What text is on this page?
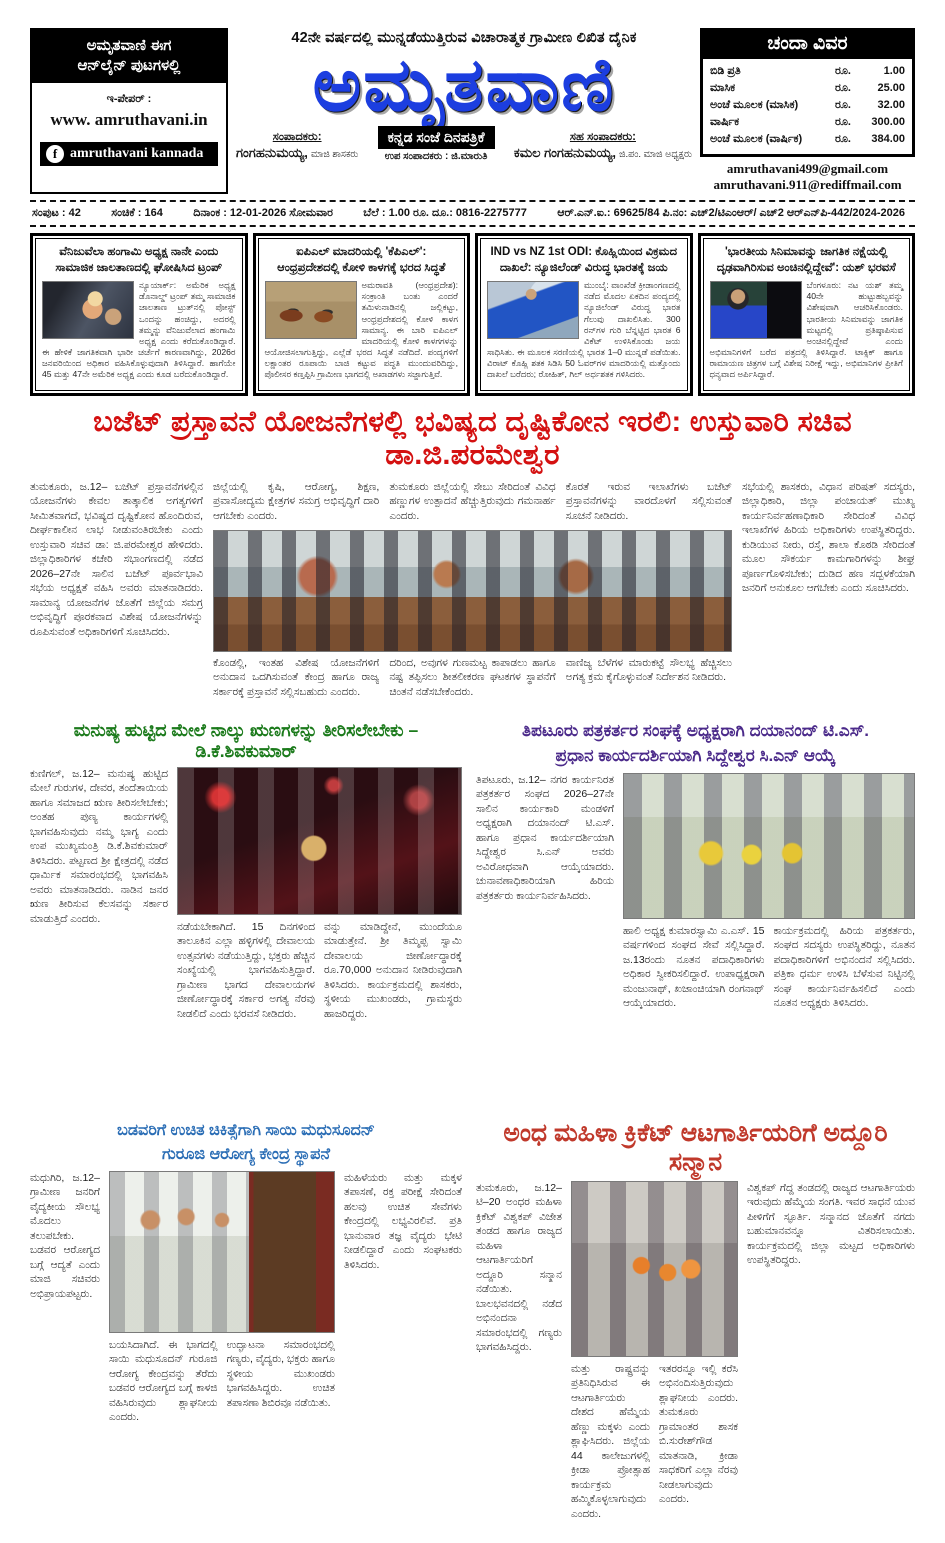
ಅಮೃತವಾಣಿ ಈಗ
ಆನ್‌ಲೈನ್ ಪುಟಗಳಲ್ಲಿ
ಇ-ಪೇಪರ್ :
www. amruthavani.in
f amruthavani kannada
42ನೇ ವರ್ಷದಲ್ಲಿ ಮುನ್ನಡೆಯುತ್ತಿರುವ ವಿಚಾರಾತ್ಮಕ ಗ್ರಾಮೀಣ ಲಿಖಿತ ದೈನಿಕ
ಅಮೃತವಾಣಿ
ಸಂಪಾದಕರು:
ಗಂಗಹನುಮಯ್ಯ, ಮಾಜಿ ಶಾಸಕರು
ಕನ್ನಡ ಸಂಜೆ ದಿನಪತ್ರಿಕೆ
ಉಪ ಸಂಪಾದಕರು : ಜಿ.ಮಾರುತಿ
ಸಹ ಸಂಪಾದಕರು:
ಕಮಲ ಗಂಗಹನುಮಯ್ಯ, ಜಿ.ಪಂ. ಮಾಜಿ ಅಧ್ಯಕ್ಷರು
ಚಂದಾ ವಿವರ
ಬಿಡಿ ಪ್ರತಿ	ರೂ.	1.00
ಮಾಸಿಕ	ರೂ.	25.00
ಅಂಚೆ ಮೂಲಕ (ಮಾಸಿಕ)	ರೂ.	32.00
ವಾರ್ಷಿಕ	ರೂ.	300.00
ಅಂಚೆ ಮೂಲಕ (ವಾರ್ಷಿಕ)	ರೂ.	384.00
amruthavani499@gmail.com
amruthavani.911@rediffmail.com
ಸಂಪುಟ : 42	ಸಂಚಿಕೆ : 164	ದಿನಾಂಕ : 12-01-2026 ಸೋಮವಾರ	ಬೆಲೆ : 1.00 ರೂ. ದೂ.: 0816-2275777	ಆರ್.ಎನ್.ಐ.: 69625/84 ಪಿ.ನಂ: ಎಚ್2/ಟಿಎಂಆರ್/ ಎಚ್2 ಆರ್‌ಎನ್‌ಪಿ-442/2024-2026
ವೆನಿಜುವೆಲಾ ಹಂಗಾಮಿ ಅಧ್ಯಕ್ಷ ನಾನೇ ಎಂದು ಸಾಮಾಜಿಕ ಜಾಲತಾಣದಲ್ಲಿ ಘೋಷಿಸಿದ ಟ್ರಂಪ್
ನ್ಯೂಯಾರ್ಕ್: ಅಮೆರಿಕ ಅಧ್ಯಕ್ಷ ಡೊನಾಲ್ಡ್ ಟ್ರಂಪ್ ತಮ್ಮ ಸಾಮಾಜಿಕ ಜಾಲತಾಣ ಟ್ರುತ್‌ನಲ್ಲಿ ಪೋಸ್ಟ್ ಒಂದನ್ನು ಹಂಚಿದ್ದು, ಅದರಲ್ಲಿ ತಮ್ಮನ್ನು ವೆನಿಜುವೆಲಾದ ಹಂಗಾಮಿ ಅಧ್ಯಕ್ಷ ಎಂದು ಕರೆದುಕೊಂಡಿದ್ದಾರೆ. ಈ ಹೇಳಿಕೆ ಜಾಗತಿಕವಾಗಿ ಭಾರೀ ಚರ್ಚೆಗೆ ಕಾರಣವಾಗಿದ್ದು, 2026ರ ಜನವರಿಯಿಂದ ಅಧಿಕಾರ ವಹಿಸಿಕೊಳ್ಳುವುದಾಗಿ ತಿಳಿಸಿದ್ದಾರೆ. ಹಾಗೆಯೇ 45 ಮತ್ತು 47ನೇ ಅಮೆರಿಕ ಅಧ್ಯಕ್ಷ ಎಂದು ಕೂಡ ಬರೆದುಕೊಂಡಿದ್ದಾರೆ.
ಐಪಿಎಲ್ ಮಾದರಿಯಲ್ಲಿ 'ಕೆಪಿಎಲ್': ಆಂಧ್ರಪ್ರದೇಶದಲ್ಲಿ ಕೋಳಿ ಕಾಳಗಕ್ಕೆ ಭರದ ಸಿದ್ಧತೆ
ಅಮರಾವತಿ (ಆಂಧ್ರಪ್ರದೇಶ): ಸಂಕ್ರಾಂತಿ ಬಂತು ಎಂದರೆ ತಮಿಳುನಾಡಿನಲ್ಲಿ ಜಲ್ಲಿಕಟ್ಟು, ಆಂಧ್ರಪ್ರದೇಶದಲ್ಲಿ ಕೋಳಿ ಕಾಳಗ ಸಾಮಾನ್ಯ. ಈ ಬಾರಿ ಐಪಿಎಲ್ ಮಾದರಿಯಲ್ಲಿ ಕೋಳಿ ಕಾಳಗಗಳನ್ನು ಆಯೋಜಿಸಲಾಗುತ್ತಿದ್ದು, ಎಲ್ಲೆಡೆ ಭರದ ಸಿದ್ಧತೆ ನಡೆದಿದೆ. ಪಂದ್ಯಗಳಿಗೆ ಲಕ್ಷಾಂತರ ರೂಪಾಯಿ ಬಾಜಿ ಕಟ್ಟುವ ಪದ್ಧತಿ ಮುಂದುವರಿದಿದ್ದು, ಪೊಲೀಸರ ಕಣ್ತಪ್ಪಿಸಿ ಗ್ರಾಮೀಣ ಭಾಗದಲ್ಲಿ ಅಖಾಡಗಳು ಸಜ್ಜಾಗುತ್ತಿವೆ.
IND vs NZ 1st ODI: ಕೊಹ್ಲಿಯಿಂದ ವಿಕ್ರಮದ ದಾಖಲೆ: ನ್ಯೂಜಿಲೆಂಡ್ ವಿರುದ್ಧ ಭಾರತಕ್ಕೆ ಜಯ
ಮುಂಬೈ: ವಾಂಖೆಡೆ ಕ್ರೀಡಾಂಗಣದಲ್ಲಿ ನಡೆದ ಮೊದಲ ಏಕದಿನ ಪಂದ್ಯದಲ್ಲಿ ನ್ಯೂಜಿಲೆಂಡ್ ವಿರುದ್ಧ ಭಾರತ ಗೆಲುವು ದಾಖಲಿಸಿತು. 300 ರನ್‌ಗಳ ಗುರಿ ಬೆನ್ನಟ್ಟಿದ ಭಾರತ 6 ವಿಕೆಟ್ ಉಳಿಸಿಕೊಂಡು ಜಯ ಸಾಧಿಸಿತು. ಈ ಮೂಲಕ ಸರಣಿಯಲ್ಲಿ ಭಾರತ 1–0 ಮುನ್ನಡೆ ಪಡೆಯಿತು. ವಿರಾಟ್ ಕೊಹ್ಲಿ ಶತಕ ಸಿಡಿಸಿ 50 ಓವರ್‌ಗಳ ಮಾದರಿಯಲ್ಲಿ ಮತ್ತೊಂದು ದಾಖಲೆ ಬರೆದರು; ರೋಹಿತ್, ಗಿಲ್ ಅರ್ಧಶತಕ ಗಳಿಸಿದರು.
'ಭಾರತೀಯ ಸಿನಿಮಾವನ್ನು ಜಾಗತಿಕ ನಕ್ಷೆಯಲ್ಲಿ ದೃಢವಾಗಿರಿಸುವ ಅಂಚಿನಲ್ಲಿದ್ದೇವೆ': ಯಶ್ ಭರವಸೆ
ಬೆಂಗಳೂರು: ನಟ ಯಶ್ ತಮ್ಮ 40ನೇ ಹುಟ್ಟುಹಬ್ಬವನ್ನು ವಿಶೇಷವಾಗಿ ಆಚರಿಸಿಕೊಂಡರು. ಭಾರತೀಯ ಸಿನಿಮಾವನ್ನು ಜಾಗತಿಕ ಮಟ್ಟದಲ್ಲಿ ಪ್ರತಿಷ್ಠಾಪಿಸುವ ಅಂಚಿನಲ್ಲಿದ್ದೇವೆ ಎಂದು ಅಭಿಮಾನಿಗಳಿಗೆ ಬರೆದ ಪತ್ರದಲ್ಲಿ ತಿಳಿಸಿದ್ದಾರೆ. ಟಾಕ್ಸಿಕ್ ಹಾಗೂ ರಾಮಾಯಣ ಚಿತ್ರಗಳ ಬಗ್ಗೆ ವಿಶೇಷ ನಿರೀಕ್ಷೆ ಇದ್ದು, ಅಭಿಮಾನಿಗಳ ಪ್ರೀತಿಗೆ ಧನ್ಯವಾದ ಅರ್ಪಿಸಿದ್ದಾರೆ.
ಬಜೆಟ್ ಪ್ರಸ್ತಾವನೆ ಯೋಜನೆಗಳಲ್ಲಿ ಭವಿಷ್ಯದ ದೃಷ್ಟಿಕೋನ ಇರಲಿ: ಉಸ್ತುವಾರಿ ಸಚಿವ ಡಾ.ಜಿ.ಪರಮೇಶ್ವರ
ತುಮಕೂರು, ಜ.12– ಬಜೆಟ್ ಪ್ರಸ್ತಾವನೆಗಳಲ್ಲಿನ ಯೋಜನೆಗಳು ಕೇವಲ ತಾತ್ಕಾಲಿಕ ಅಗತ್ಯಗಳಿಗೆ ಸೀಮಿತವಾಗದೆ, ಭವಿಷ್ಯದ ದೃಷ್ಟಿಕೋನ ಹೊಂದಿರುವ, ದೀರ್ಘಕಾಲೀನ ಲಾಭ ನೀಡುವಂತಿರಬೇಕು ಎಂದು ಉಸ್ತುವಾರಿ ಸಚಿವ ಡಾ: ಜಿ.ಪರಮೇಶ್ವರ ಹೇಳಿದರು. ಜಿಲ್ಲಾಧಿಕಾರಿಗಳ ಕಚೇರಿ ಸಭಾಂಗಣದಲ್ಲಿ ನಡೆದ 2026–27ನೇ ಸಾಲಿನ ಬಜೆಟ್ ಪೂರ್ವಭಾವಿ ಸಭೆಯ ಅಧ್ಯಕ್ಷತೆ ವಹಿಸಿ ಅವರು ಮಾತನಾಡಿದರು. ಸಾಮಾನ್ಯ ಯೋಜನೆಗಳ ಜೊತೆಗೆ ಜಿಲ್ಲೆಯ ಸಮಗ್ರ ಅಭಿವೃದ್ಧಿಗೆ ಪೂರಕವಾದ ವಿಶೇಷ ಯೋಜನೆಗಳನ್ನು ರೂಪಿಸುವಂತೆ ಅಧಿಕಾರಿಗಳಿಗೆ ಸೂಚಿಸಿದರು.
ಜಿಲ್ಲೆಯಲ್ಲಿ ಕೃಷಿ, ಆರೋಗ್ಯ, ಶಿಕ್ಷಣ, ಪ್ರವಾಸೋದ್ಯಮ ಕ್ಷೇತ್ರಗಳ ಸಮಗ್ರ ಅಭಿವೃದ್ಧಿಗೆ ದಾರಿ ಆಗಬೇಕು ಎಂದರು.
ತುಮಕೂರು ಜಿಲ್ಲೆಯಲ್ಲಿ ಸೇಬು ಸೇರಿದಂತೆ ವಿವಿಧ ಹಣ್ಣುಗಳ ಉತ್ಪಾದನೆ ಹೆಚ್ಚುತ್ತಿರುವುದು ಗಮನಾರ್ಹ ಎಂದರು.
ಕೊರತೆ ಇರುವ ಇಲಾಖೆಗಳು ಬಜೆಟ್ ಪ್ರಸ್ತಾವನೆಗಳನ್ನು ವಾರದೊಳಗೆ ಸಲ್ಲಿಸುವಂತೆ ಸೂಚನೆ ನೀಡಿದರು.
ಕೊಂಡಲ್ಲಿ, ಇಂತಹ ವಿಶೇಷ ಯೋಜನೆಗಳಿಗೆ ಅನುದಾನ ಒದಗಿಸುವಂತೆ ಕೇಂದ್ರ ಹಾಗೂ ರಾಜ್ಯ ಸರ್ಕಾರಕ್ಕೆ ಪ್ರಸ್ತಾವನೆ ಸಲ್ಲಿಸಬಹುದು ಎಂದರು.
ದರಿಂದ, ಅವುಗಳ ಗುಣಮಟ್ಟ ಕಾಪಾಡಲು ಹಾಗೂ ನಷ್ಟ ತಪ್ಪಿಸಲು ಶೀತಲೀಕರಣ ಘಟಕಗಳ ಸ್ಥಾಪನೆಗೆ ಚಿಂತನೆ ನಡೆಸಬೇಕೆಂದರು.
ವಾಣಿಜ್ಯ ಬೆಳೆಗಳ ಮಾರುಕಟ್ಟೆ ಸೌಲಭ್ಯ ಹೆಚ್ಚಿಸಲು ಅಗತ್ಯ ಕ್ರಮ ಕೈಗೊಳ್ಳುವಂತೆ ನಿರ್ದೇಶನ ನೀಡಿದರು.
ಸಭೆಯಲ್ಲಿ ಶಾಸಕರು, ವಿಧಾನ ಪರಿಷತ್ ಸದಸ್ಯರು, ಜಿಲ್ಲಾಧಿಕಾರಿ, ಜಿಲ್ಲಾ ಪಂಚಾಯತ್ ಮುಖ್ಯ ಕಾರ್ಯನಿರ್ವಹಣಾಧಿಕಾರಿ ಸೇರಿದಂತೆ ವಿವಿಧ ಇಲಾಖೆಗಳ ಹಿರಿಯ ಅಧಿಕಾರಿಗಳು ಉಪಸ್ಥಿತರಿದ್ದರು. ಕುಡಿಯುವ ನೀರು, ರಸ್ತೆ, ಶಾಲಾ ಕೊಠಡಿ ಸೇರಿದಂತೆ ಮೂಲ ಸೌಕರ್ಯ ಕಾಮಗಾರಿಗಳನ್ನು ಶೀಘ್ರ ಪೂರ್ಣಗೊಳಿಸಬೇಕು; ದುಡಿದ ಹಣ ಸದ್ಬಳಕೆಯಾಗಿ ಜನರಿಗೆ ಅನುಕೂಲ ಆಗಬೇಕು ಎಂದು ಸೂಚಿಸಿದರು.
ಮನುಷ್ಯ ಹುಟ್ಟಿದ ಮೇಲೆ ನಾಲ್ಕು ಋಣಗಳನ್ನು ತೀರಿಸಲೇಬೇಕು –ಡಿ.ಕೆ.ಶಿವಕುಮಾರ್
ಕುಣಿಗಲ್, ಜ.12– ಮನುಷ್ಯ ಹುಟ್ಟಿದ ಮೇಲೆ ಗುರುಗಳ, ದೇವರ, ತಂದೆತಾಯಿಯ ಹಾಗೂ ಸಮಾಜದ ಋಣ ತೀರಿಸಲೇಬೇಕು; ಅಂತಹ ಪುಣ್ಯ ಕಾರ್ಯಗಳಲ್ಲಿ ಭಾಗವಹಿಸುವುದು ನಮ್ಮ ಭಾಗ್ಯ ಎಂದು ಉಪ ಮುಖ್ಯಮಂತ್ರಿ ಡಿ.ಕೆ.ಶಿವಕುಮಾರ್ ತಿಳಿಸಿದರು. ಪಟ್ಟಣದ ಶ್ರೀ ಕ್ಷೇತ್ರದಲ್ಲಿ ನಡೆದ ಧಾರ್ಮಿಕ ಸಮಾರಂಭದಲ್ಲಿ ಭಾಗವಹಿಸಿ ಅವರು ಮಾತನಾಡಿದರು. ನಾಡಿನ ಜನರ ಋಣ ತೀರಿಸುವ ಕೆಲಸವನ್ನು ಸರ್ಕಾರ ಮಾಡುತ್ತಿದೆ ಎಂದರು.
ನಡೆಯಬೇಕಾಗಿದೆ. 15 ದಿನಗಳಿಂದ ತಾಲೂಕಿನ ಎಲ್ಲಾ ಹಳ್ಳಿಗಳಲ್ಲಿ ದೇವಾಲಯ ಉತ್ಸವಗಳು ನಡೆಯುತ್ತಿದ್ದು, ಭಕ್ತರು ಹೆಚ್ಚಿನ ಸಂಖ್ಯೆಯಲ್ಲಿ ಭಾಗವಹಿಸುತ್ತಿದ್ದಾರೆ. ಗ್ರಾಮೀಣ ಭಾಗದ ದೇವಾಲಯಗಳ ಜೀರ್ಣೋದ್ಧಾರಕ್ಕೆ ಸರ್ಕಾರ ಅಗತ್ಯ ನೆರವು ನೀಡಲಿದೆ ಎಂದು ಭರವಸೆ ನೀಡಿದರು.
ವನ್ನು ಮಾಡಿದ್ದೇನೆ, ಮುಂದೆಯೂ ಮಾಡುತ್ತೇನೆ. ಶ್ರೀ ತಿಮ್ಮಪ್ಪ ಸ್ವಾಮಿ ದೇವಾಲಯ ಜೀರ್ಣೋದ್ಧಾರಕ್ಕೆ ರೂ.70,000 ಅನುದಾನ ನೀಡಿರುವುದಾಗಿ ತಿಳಿಸಿದರು. ಕಾರ್ಯಕ್ರಮದಲ್ಲಿ ಶಾಸಕರು, ಸ್ಥಳೀಯ ಮುಖಂಡರು, ಗ್ರಾಮಸ್ಥರು ಹಾಜರಿದ್ದರು.
ತಿಪಟೂರು ಪತ್ರಕರ್ತರ ಸಂಘಕ್ಕೆ ಅಧ್ಯಕ್ಷರಾಗಿ ದಯಾನಂದ್ ಟಿ.ಎಸ್.
ಪ್ರಧಾನ ಕಾರ್ಯದರ್ಶಿಯಾಗಿ ಸಿದ್ದೇಶ್ವರ ಸಿ.ಎನ್ ಆಯ್ಕೆ
ತಿಪಟೂರು, ಜ.12– ನಗರ ಕಾರ್ಯನಿರತ ಪತ್ರಕರ್ತರ ಸಂಘದ 2026–27ನೇ ಸಾಲಿನ ಕಾರ್ಯಕಾರಿ ಮಂಡಳಿಗೆ ಅಧ್ಯಕ್ಷರಾಗಿ ದಯಾನಂದ್ ಟಿ.ಎಸ್. ಹಾಗೂ ಪ್ರಧಾನ ಕಾರ್ಯದರ್ಶಿಯಾಗಿ ಸಿದ್ದೇಶ್ವರ ಸಿ.ಎನ್ ಅವರು ಅವಿರೋಧವಾಗಿ ಆಯ್ಕೆಯಾದರು. ಚುನಾವಣಾಧಿಕಾರಿಯಾಗಿ ಹಿರಿಯ ಪತ್ರಕರ್ತರು ಕಾರ್ಯನಿರ್ವಹಿಸಿದರು.
ಹಾಲಿ ಅಧ್ಯಕ್ಷ ಕುಮಾರಸ್ವಾಮಿ ಎ.ಎಸ್. 15 ವರ್ಷಗಳಿಂದ ಸಂಘದ ಸೇವೆ ಸಲ್ಲಿಸಿದ್ದಾರೆ. ಜ.13ರಂದು ನೂತನ ಪದಾಧಿಕಾರಿಗಳು ಅಧಿಕಾರ ಸ್ವೀಕರಿಸಲಿದ್ದಾರೆ. ಉಪಾಧ್ಯಕ್ಷರಾಗಿ ಮಂಜುನಾಥ್, ಖಜಾಂಚಿಯಾಗಿ ರಂಗನಾಥ್ ಆಯ್ಕೆಯಾದರು.
ಕಾರ್ಯಕ್ರಮದಲ್ಲಿ ಹಿರಿಯ ಪತ್ರಕರ್ತರು, ಸಂಘದ ಸದಸ್ಯರು ಉಪಸ್ಥಿತರಿದ್ದು, ನೂತನ ಪದಾಧಿಕಾರಿಗಳಿಗೆ ಅಭಿನಂದನೆ ಸಲ್ಲಿಸಿದರು. ಪತ್ರಿಕಾ ಧರ್ಮ ಉಳಿಸಿ ಬೆಳೆಸುವ ನಿಟ್ಟಿನಲ್ಲಿ ಸಂಘ ಕಾರ್ಯನಿರ್ವಹಿಸಲಿದೆ ಎಂದು ನೂತನ ಅಧ್ಯಕ್ಷರು ತಿಳಿಸಿದರು.
ಬಡವರಿಗೆ ಉಚಿತ ಚಿಕಿತ್ಸೆಗಾಗಿ ಸಾಯಿ ಮಧುಸೂದನ್
ಗುರೂಜಿ ಆರೋಗ್ಯ ಕೇಂದ್ರ ಸ್ಥಾಪನೆ
ಮಧುಗಿರಿ, ಜ.12– ಗ್ರಾಮೀಣ ಜನರಿಗೆ ವೈದ್ಯಕೀಯ ಸೌಲಭ್ಯ ಮೊದಲು ತಲುಪಬೇಕು. ಬಡವರ ಆರೋಗ್ಯದ ಬಗ್ಗೆ ಆದ್ಯತೆ ಎಂದು ಮಾಜಿ ಸಚಿವರು ಅಭಿಪ್ರಾಯಪಟ್ಟರು.
ಬಯಸಿದಾಗಿದೆ. ಈ ಭಾಗದಲ್ಲಿ ಸಾಯಿ ಮಧುಸೂದನ್ ಗುರೂಜಿ ಆರೋಗ್ಯ ಕೇಂದ್ರವನ್ನು ತೆರೆದು ಬಡವರ ಆರೋಗ್ಯದ ಬಗ್ಗೆ ಕಾಳಜಿ ವಹಿಸಿರುವುದು ಶ್ಲಾಘನೀಯ ಎಂದರು.
ಉದ್ಘಾಟನಾ ಸಮಾರಂಭದಲ್ಲಿ ಗಣ್ಯರು, ವೈದ್ಯರು, ಭಕ್ತರು ಹಾಗೂ ಸ್ಥಳೀಯ ಮುಖಂಡರು ಭಾಗವಹಿಸಿದ್ದರು. ಉಚಿತ ತಪಾಸಣಾ ಶಿಬಿರವೂ ನಡೆಯಿತು.
ಮಹಿಳೆಯರು ಮತ್ತು ಮಕ್ಕಳ ತಪಾಸಣೆ, ರಕ್ತ ಪರೀಕ್ಷೆ ಸೇರಿದಂತೆ ಹಲವು ಉಚಿತ ಸೇವೆಗಳು ಕೇಂದ್ರದಲ್ಲಿ ಲಭ್ಯವಿರಲಿವೆ. ಪ್ರತಿ ಭಾನುವಾರ ತಜ್ಞ ವೈದ್ಯರು ಭೇಟಿ ನೀಡಲಿದ್ದಾರೆ ಎಂದು ಸಂಘಟಕರು ತಿಳಿಸಿದರು.
ಅಂಧ ಮಹಿಳಾ ಕ್ರಿಕೆಟ್ ಆಟಗಾರ್ತಿಯರಿಗೆ ಅದ್ದೂರಿ ಸನ್ಮಾನ
ತುಮಕೂರು, ಜ.12– ಟಿ–20 ಅಂಧರ ಮಹಿಳಾ ಕ್ರಿಕೆಟ್ ವಿಶ್ವಕಪ್ ವಿಜೇತ ತಂಡದ ಹಾಗೂ ರಾಜ್ಯದ ಮಹಿಳಾ ಆಟಗಾರ್ತಿಯರಿಗೆ ಅದ್ದೂರಿ ಸನ್ಮಾನ ನಡೆಯಿತು. ಬಾಲಭವನದಲ್ಲಿ ನಡೆದ ಅಭಿನಂದನಾ ಸಮಾರಂಭದಲ್ಲಿ ಗಣ್ಯರು ಭಾಗವಹಿಸಿದ್ದರು.
ಮತ್ತು ರಾಷ್ಟ್ರವನ್ನು ಪ್ರತಿನಿಧಿಸಿರುವ ಈ ಆಟಗಾರ್ತಿಯರು ದೇಶದ ಹೆಮ್ಮೆಯ ಹೆಣ್ಣು ಮಕ್ಕಳು ಎಂದು ಶ್ಲಾಘಿಸಿದರು. ಜಿಲ್ಲೆಯ 44 ಕಾಲೇಜುಗಳಲ್ಲಿ ಕ್ರೀಡಾ ಪ್ರೋತ್ಸಾಹ ಕಾರ್ಯಕ್ರಮ ಹಮ್ಮಿಕೊಳ್ಳಲಾಗುವುದು ಎಂದರು.
ಇತರರನ್ನೂ ಇಲ್ಲಿ ಕರೆಸಿ ಅಭಿನಂದಿಸುತ್ತಿರುವುದು ಶ್ಲಾಘನೀಯ ಎಂದರು. ತುಮಕೂರು ಗ್ರಾಮಾಂತರ ಶಾಸಕ ಬಿ.ಸುರೇಶ್‌ಗೌಡ ಮಾತನಾಡಿ, ಕ್ರೀಡಾ ಸಾಧಕರಿಗೆ ಎಲ್ಲಾ ನೆರವು ನೀಡಲಾಗುವುದು ಎಂದರು.
ವಿಶ್ವಕಪ್ ಗೆದ್ದ ತಂಡದಲ್ಲಿ ರಾಜ್ಯದ ಆಟಗಾರ್ತಿಯರು ಇರುವುದು ಹೆಮ್ಮೆಯ ಸಂಗತಿ. ಇವರ ಸಾಧನೆ ಯುವ ಪೀಳಿಗೆಗೆ ಸ್ಫೂರ್ತಿ. ಸನ್ಮಾನದ ಜೊತೆಗೆ ನಗದು ಬಹುಮಾನವನ್ನೂ ವಿತರಿಸಲಾಯಿತು. ಕಾರ್ಯಕ್ರಮದಲ್ಲಿ ಜಿಲ್ಲಾ ಮಟ್ಟದ ಅಧಿಕಾರಿಗಳು ಉಪಸ್ಥಿತರಿದ್ದರು.
